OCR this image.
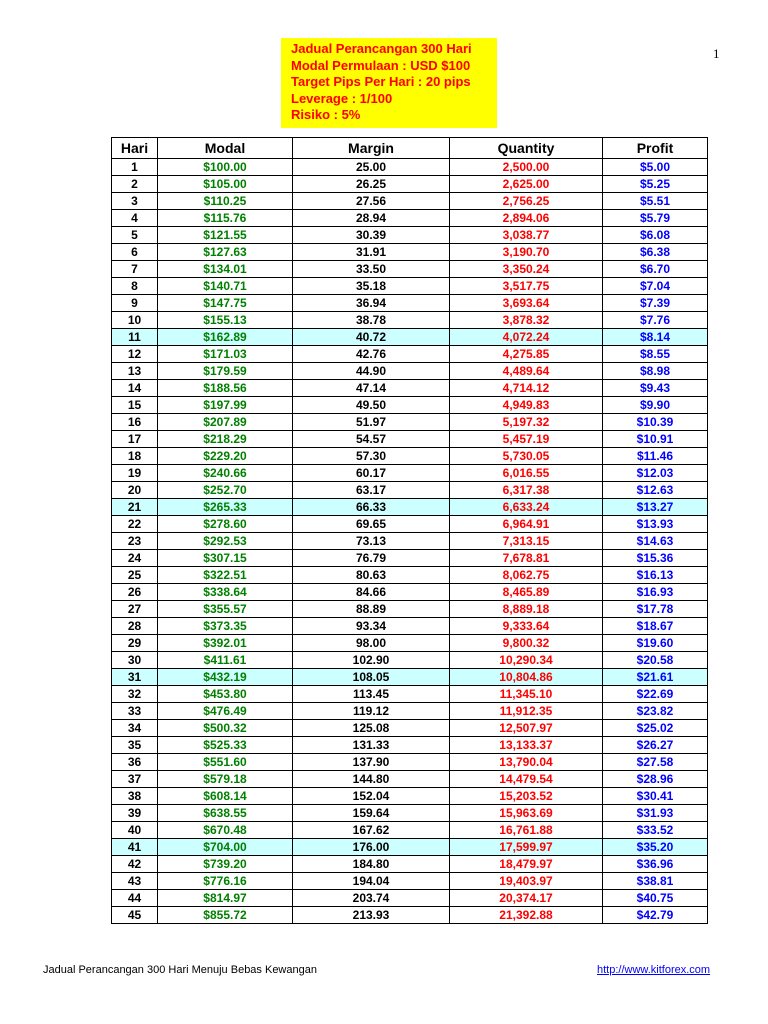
1
Jadual Perancangan 300 Hari
Modal Permulaan : USD $100
Target Pips Per Hari : 20 pips
Leverage : 1/100
Risiko : 5%
Hari	Modal	Margin	Quantity	Profit
1	$100.00	25.00	2,500.00	$5.00
2	$105.00	26.25	2,625.00	$5.25
3	$110.25	27.56	2,756.25	$5.51
4	$115.76	28.94	2,894.06	$5.79
5	$121.55	30.39	3,038.77	$6.08
6	$127.63	31.91	3,190.70	$6.38
7	$134.01	33.50	3,350.24	$6.70
8	$140.71	35.18	3,517.75	$7.04
9	$147.75	36.94	3,693.64	$7.39
10	$155.13	38.78	3,878.32	$7.76
11	$162.89	40.72	4,072.24	$8.14
12	$171.03	42.76	4,275.85	$8.55
13	$179.59	44.90	4,489.64	$8.98
14	$188.56	47.14	4,714.12	$9.43
15	$197.99	49.50	4,949.83	$9.90
16	$207.89	51.97	5,197.32	$10.39
17	$218.29	54.57	5,457.19	$10.91
18	$229.20	57.30	5,730.05	$11.46
19	$240.66	60.17	6,016.55	$12.03
20	$252.70	63.17	6,317.38	$12.63
21	$265.33	66.33	6,633.24	$13.27
22	$278.60	69.65	6,964.91	$13.93
23	$292.53	73.13	7,313.15	$14.63
24	$307.15	76.79	7,678.81	$15.36
25	$322.51	80.63	8,062.75	$16.13
26	$338.64	84.66	8,465.89	$16.93
27	$355.57	88.89	8,889.18	$17.78
28	$373.35	93.34	9,333.64	$18.67
29	$392.01	98.00	9,800.32	$19.60
30	$411.61	102.90	10,290.34	$20.58
31	$432.19	108.05	10,804.86	$21.61
32	$453.80	113.45	11,345.10	$22.69
33	$476.49	119.12	11,912.35	$23.82
34	$500.32	125.08	12,507.97	$25.02
35	$525.33	131.33	13,133.37	$26.27
36	$551.60	137.90	13,790.04	$27.58
37	$579.18	144.80	14,479.54	$28.96
38	$608.14	152.04	15,203.52	$30.41
39	$638.55	159.64	15,963.69	$31.93
40	$670.48	167.62	16,761.88	$33.52
41	$704.00	176.00	17,599.97	$35.20
42	$739.20	184.80	18,479.97	$36.96
43	$776.16	194.04	19,403.97	$38.81
44	$814.97	203.74	20,374.17	$40.75
45	$855.72	213.93	21,392.88	$42.79
Jadual Perancangan 300 Hari Menuju Bebas Kewangan	http://www.kitforex.com
